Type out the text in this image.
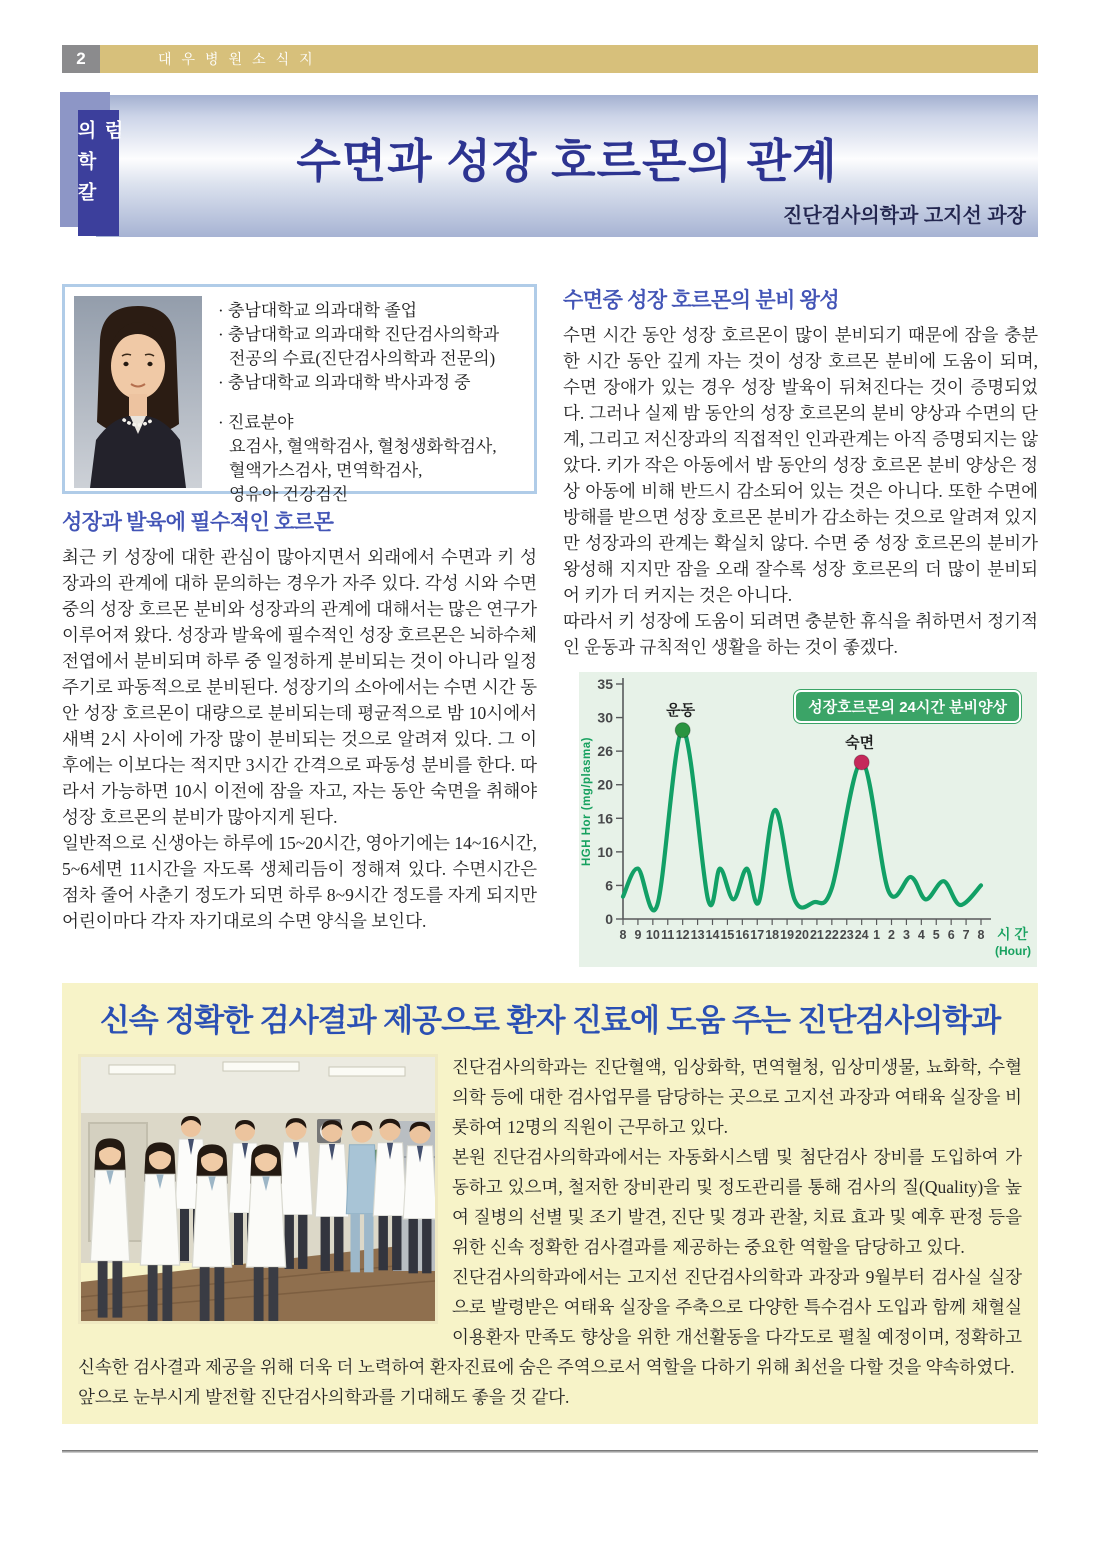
2	대우병원소식지
의학칼럼	수면과 성장 호르몬의 관계
진단검사의학과 고지선 과장
· 충남대학교 의과대학 졸업
· 충남대학교 의과대학 진단검사의학과
전공의 수료(진단검사의학과 전문의)
· 충남대학교 의과대학 박사과정 중
· 진료분야
요검사, 혈액학검사, 혈청생화학검사,
혈액가스검사, 면역학검사,
영유아 건강검진
성장과 발육에 필수적인 호르몬

최근 키 성장에 대한 관심이 많아지면서 외래에서 수면과 키 성장과의 관계에 대하 문의하는 경우가 자주 있다. 각성 시와 수면 중의 성장 호르몬 분비와 성장과의 관계에 대해서는 많은 연구가 이루어져 왔다. 성장과 발육에 필수적인 성장 호르몬은 뇌하수체 전엽에서 분비되며 하루 중 일정하게 분비되는 것이 아니라 일정 주기로 파동적으로 분비된다. 성장기의 소아에서는 수면 시간 동안 성장 호르몬이 대량으로 분비되는데 평균적으로 밤 10시에서 새벽 2시 사이에 가장 많이 분비되는 것으로 알려져 있다. 그 이후에는 이보다는 적지만 3시간 간격으로 파동성 분비를 한다. 따라서 가능하면 10시 이전에 잠을 자고, 자는 동안 숙면을 취해야 성장 호르몬의 분비가 많아지게 된다.

일반적으로 신생아는 하루에 15~20시간, 영아기에는 14~16시간, 5~6세면 11시간을 자도록 생체리듬이 정해져 있다. 수면시간은 점차 줄어 사춘기 정도가 되면 하루 8~9시간 정도를 자게 되지만 어린이마다 각자 자기대로의 수면 양식을 보인다.

수면중 성장 호르몬의 분비 왕성

수면 시간 동안 성장 호르몬이 많이 분비되기 때문에 잠을 충분한 시간 동안 깊게 자는 것이 성장 호르몬 분비에 도움이 되며, 수면 장애가 있는 경우 성장 발육이 뒤쳐진다는 것이 증명되었다. 그러나 실제 밤 동안의 성장 호르몬의 분비 양상과 수면의 단계, 그리고 저신장과의 직접적인 인과관계는 아직 증명되지는 않았다. 키가 작은 아동에서 밤 동안의 성장 호르몬 분비 양상은 정상 아동에 비해 반드시 감소되어 있는 것은 아니다. 또한 수면에 방해를 받으면 성장 호르몬 분비가 감소하는 것으로 알려져 있지만 성장과의 관계는 확실치 않다. 수면 중 성장 호르몬의 분비가 왕성해 지지만 잠을 오래 잘수록 성장 호르몬의 더 많이 분비되어 키가 더 커지는 것은 아니다.

따라서 키 성장에 도움이 되려면 충분한 휴식을 취하면서 정기적인 운동과 규칙적인 생활을 하는 것이 좋겠다.

0
6
10
16
20
26
30
35
8 9 10 11 12 13 14 15 16 17 18 19 20 21 22 23 24 1 2 3 4 5 6 7 8 시 간
(Hour)
HGH Hor (mg/plasma)
운동
숙면
성장호르몬의 24시간 분비양상
신속 정확한 검사결과 제공으로 환자 진료에 도움 주는 진단검사의학과

진단검사의학과는 진단혈액, 임상화학, 면역혈청, 임상미생물, 뇨화학, 수혈의학 등에 대한 검사업무를 담당하는 곳으로 고지선 과장과 여태육 실장을 비롯하여 12명의 직원이 근무하고 있다.

본원 진단검사의학과에서는 자동화시스템 및 첨단검사 장비를 도입하여 가동하고 있으며, 철저한 장비관리 및 정도관리를 통해 검사의 질(Quality)을 높여 질병의 선별 및 조기 발견, 진단 및 경과 관찰, 치료 효과 및 예후 판정 등을 위한 신속 정확한 검사결과를 제공하는 중요한 역할을 담당하고 있다.

진단검사의학과에서는 고지선 진단검사의학과 과장과 9월부터 검사실 실장으로 발령받은 여태육 실장을 주축으로 다양한 특수검사 도입과 함께 채혈실 이용환자 만족도 향상을 위한 개선활동을 다각도로 펼칠 예정이며, 정확하고 신속한 검사결과 제공을 위해 더욱 더 노력하여 환자진료에 숨은 주역으로서 역할을 다하기 위해 최선을 다할 것을 약속하였다.

앞으로 눈부시게 발전할 진단검사의학과를 기대해도 좋을 것 같다.
